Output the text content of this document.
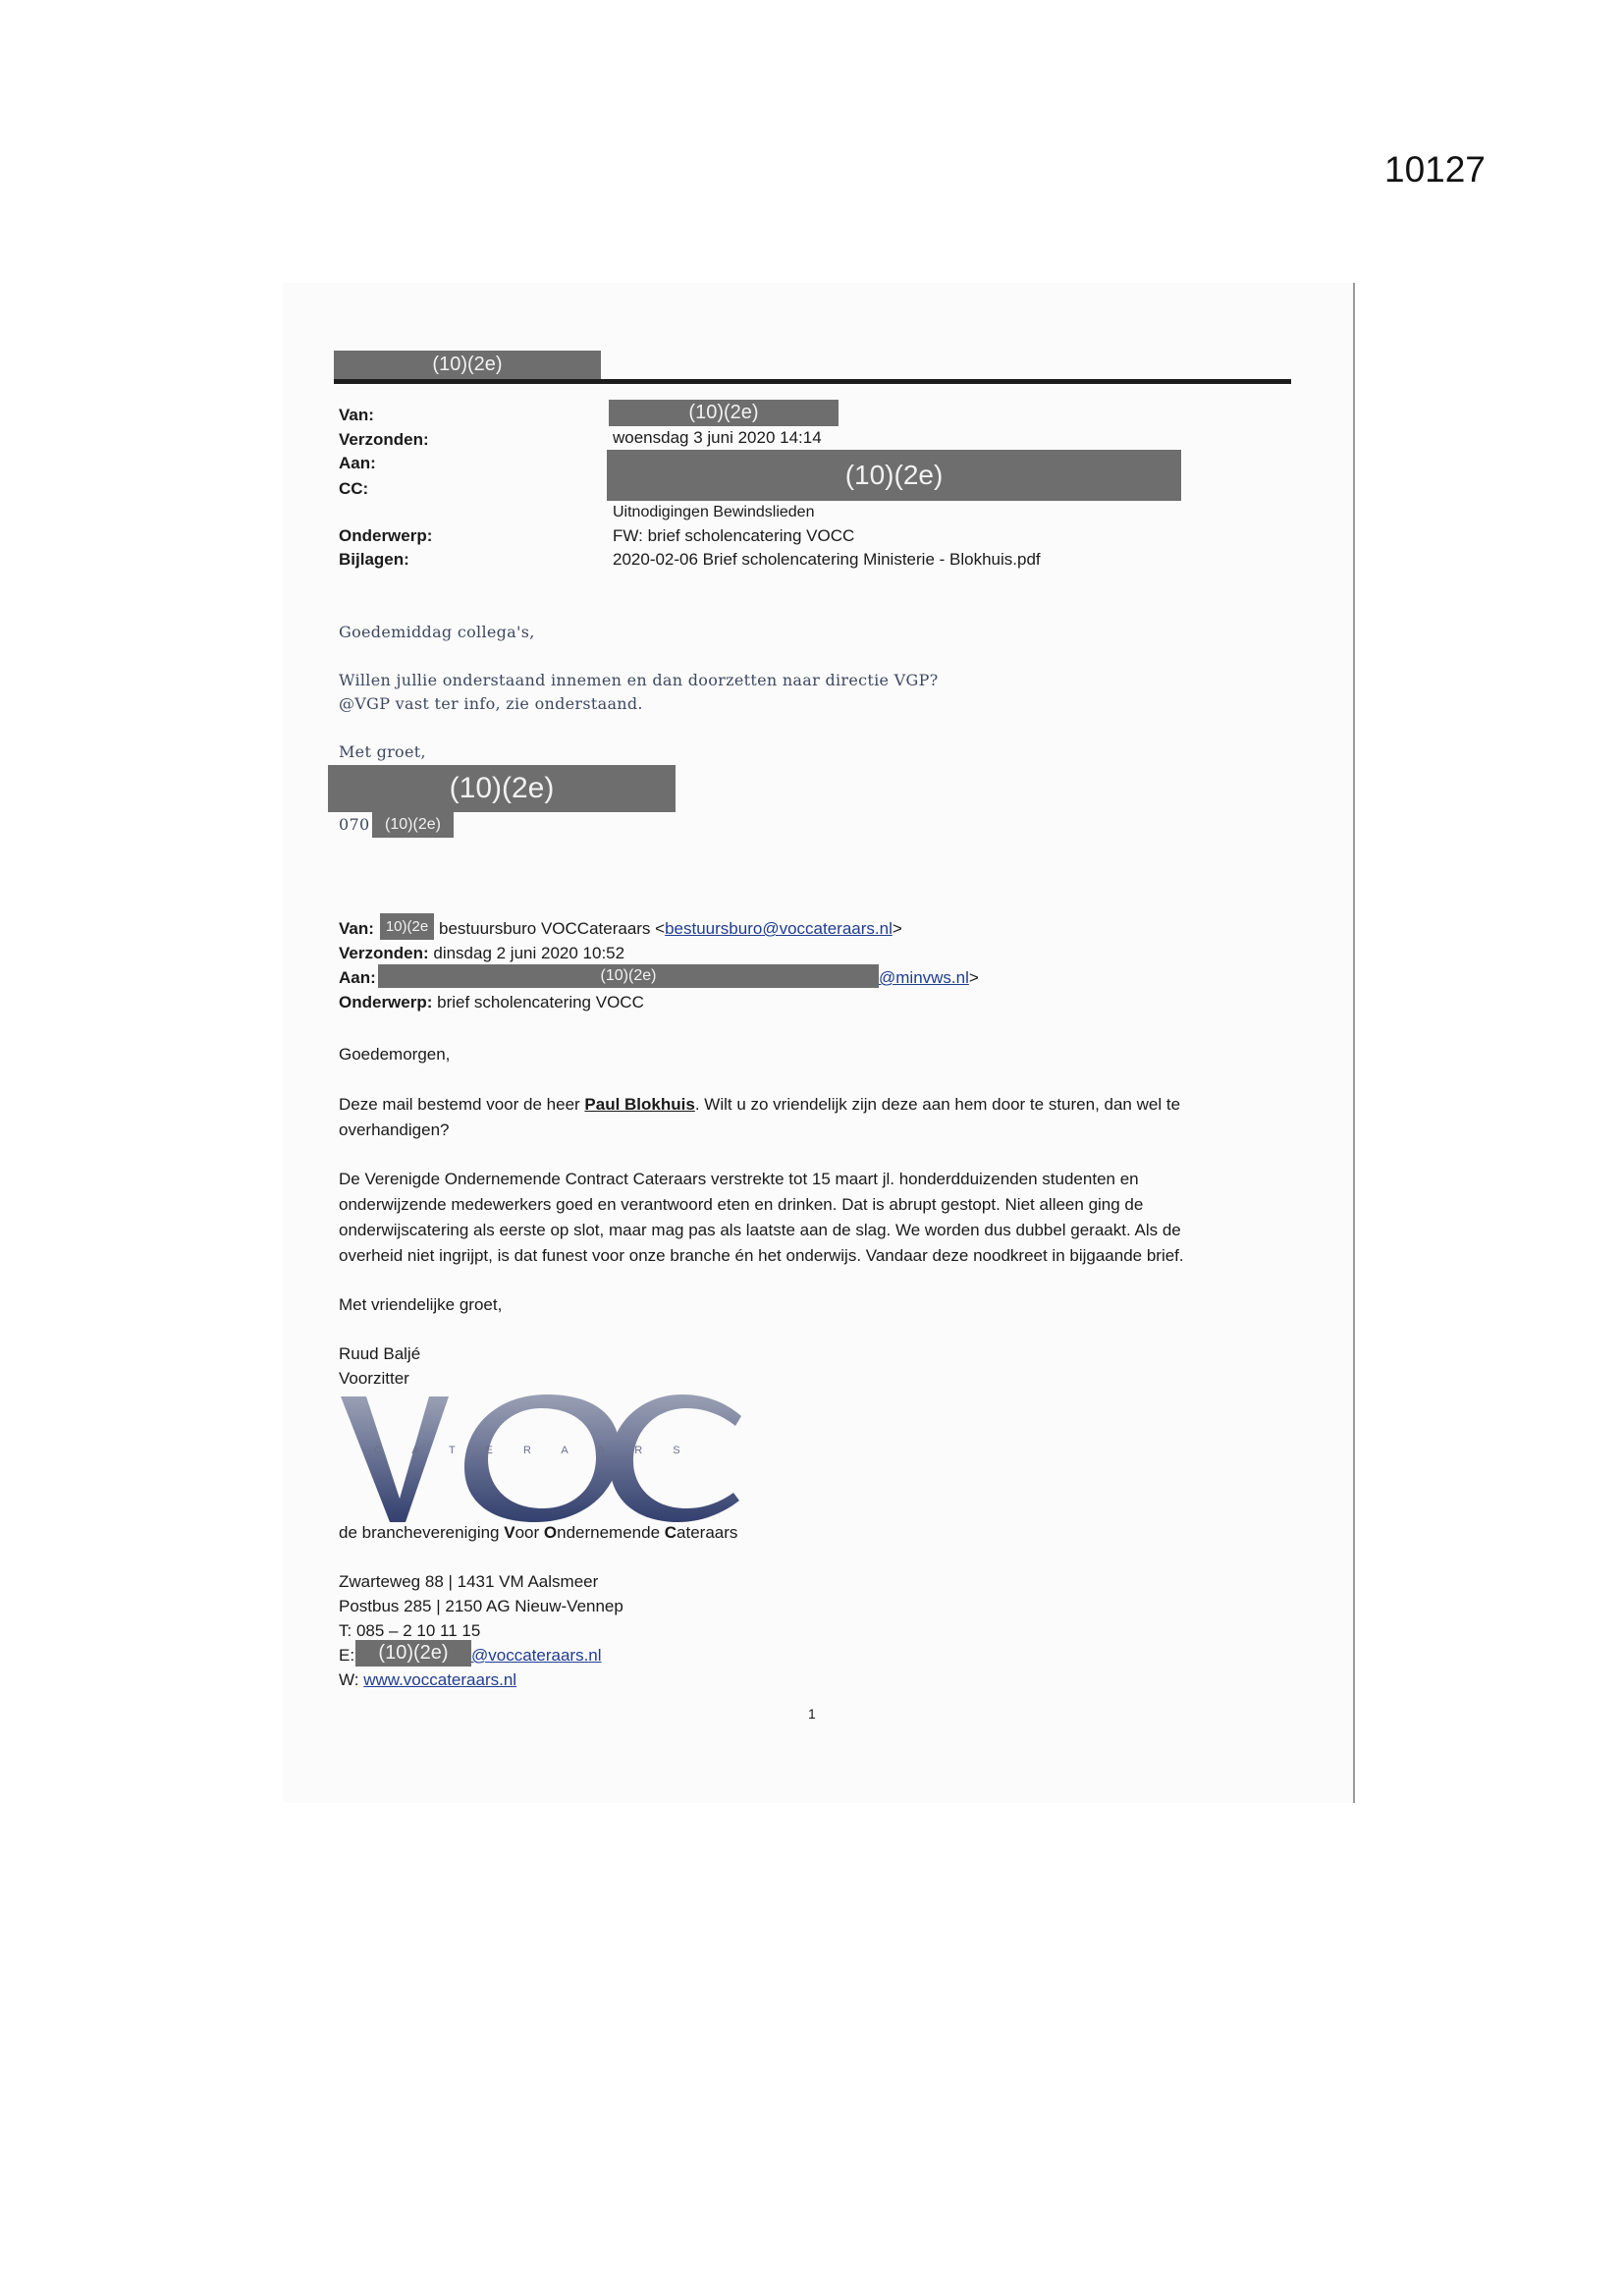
10127
(10)(2e)
Van:	(10)(2e)
Verzonden:	woensdag 3 juni 2020 14:14
Aan:	(10)(2e)
CC:
Uitnodigingen Bewindslieden
Onderwerp:	FW: brief scholencatering VOCC
Bijlagen:	2020-02-06 Brief scholencatering Ministerie - Blokhuis.pdf
Goedemiddag collega's,
Willen jullie onderstaand innemen en dan doorzetten naar directie VGP?
@VGP vast ter info, zie onderstaand.
Met groet,
(10)(2e)
070 (10)(2e)
Van: 10)(2e bestuursburo VOCCateraars <bestuursburo@voccateraars.nl>
Verzonden: dinsdag 2 juni 2020 10:52
Aan:	(10)(2e)	@minvws.nl>
Onderwerp: brief scholencatering VOCC
Goedemorgen,
Deze mail bestemd voor de heer Paul Blokhuis. Wilt u zo vriendelijk zijn deze aan hem door te sturen, dan wel te
overhandigen?
De Verenigde Ondernemende Contract Cateraars verstrekte tot 15 maart jl. honderdduizenden studenten en
onderwijzende medewerkers goed en verantwoord eten en drinken. Dat is abrupt gestopt. Niet alleen ging de
onderwijscatering als eerste op slot, maar mag pas als laatste aan de slag. We worden dus dubbel geraakt. Als de
overheid niet ingrijpt, is dat funest voor onze branche én het onderwijs. Vandaar deze noodkreet in bijgaande brief.
Met vriendelijke groet,
Ruud Baljé
Voorzitter
C A T E R A A R S
de branchevereniging Voor Ondernemende Cateraars
Zwarteweg 88 | 1431 VM Aalsmeer
Postbus 285 | 2150 AG Nieuw-Vennep
T: 085 – 2 10 11 15
E:	(10)(2e)	@voccateraars.nl
W: www.voccateraars.nl
1
